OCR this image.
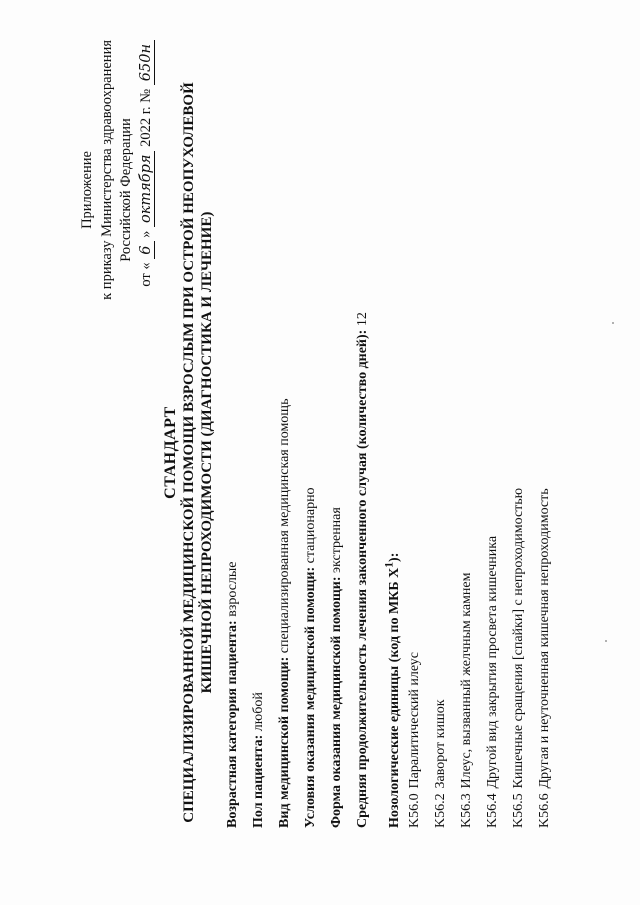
Приложение к приказу Министерства здравоохранения Российской Федерации
от « 6 » октября 2022 г. № 650н
СТАНДАРТ СПЕЦИАЛИЗИРОВАННОЙ МЕДИЦИНСКОЙ ПОМОЩИ ВЗРОСЛЫМ ПРИ ОСТРОЙ НЕОПУХОЛЕВОЙ КИШЕЧНОЙ НЕПРОХОДИМОСТИ (ДИАГНОСТИКА И ЛЕЧЕНИЕ)
Возрастная категория пациента: взрослые
Пол пациента: любой Вид медицинской помощи: специализированная медицинская помощь
Условия оказания медицинской помощи: стационарно
Форма оказания медицинской помощи: экстренная Средняя продолжительность лечения законченного случая (количество дней): 12
Нозологические единицы (код по МКБ $X^1$):
K56.0 Паралитический илеус
K56.2 Заворот кишок
K56.3 Илеус, вызванный желчным камнем
K56.4 Другой вид закрытия просвета кишечника
K56.5 Кишечные сращения [спайки] с непроходимостью
K56.6 Другая и неуточненная кишечная непроходимость
